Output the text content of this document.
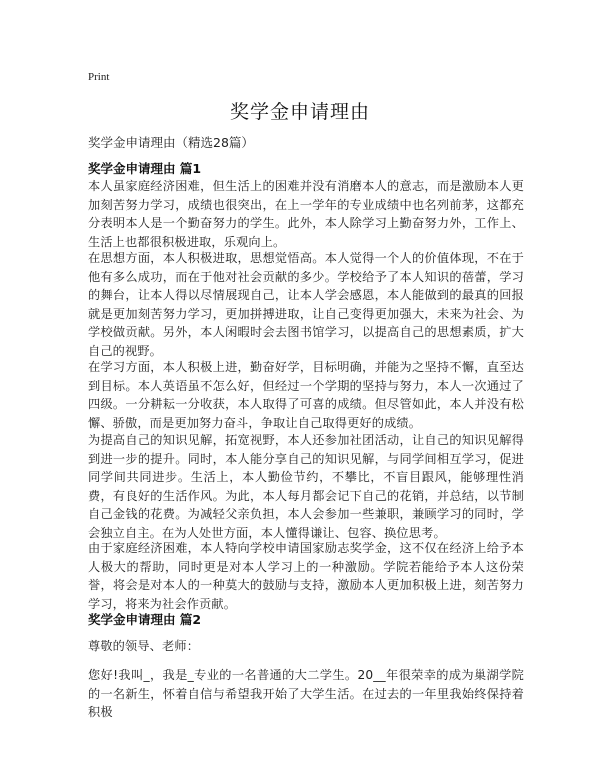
Print
奖学金申请理由
奖学金申请理由（精选28篇）
奖学金申请理由 篇1

本人虽家庭经济困难，但生活上的困难并没有消磨本人的意志，而是激励本人更加刻苦努力学习，成绩也很突出，在上一学年的专业成绩中也名列前茅，这都充分表明本人是一个勤奋努力的学生。此外，本人除学习上勤奋努力外，工作上、生活上也都很积极进取，乐观向上。

在思想方面，本人积极进取，思想觉悟高。本人觉得一个人的价值体现，不在于他有多么成功，而在于他对社会贡献的多少。学校给予了本人知识的蓓蕾，学习的舞台，让本人得以尽情展现自己，让本人学会感恩，本人能做到的最真的回报就是更加刻苦努力学习，更加拼搏进取，让自己变得更加强大，未来为社会、为学校做贡献。另外，本人闲暇时会去图书馆学习，以提高自己的思想素质，扩大自己的视野。

在学习方面，本人积极上进，勤奋好学，目标明确，并能为之坚持不懈，直至达到目标。本人英语虽不怎么好，但经过一个学期的坚持与努力，本人一次通过了四级。一分耕耘一分收获，本人取得了可喜的成绩。但尽管如此，本人并没有松懈、骄傲，而是更加努力奋斗，争取让自己取得更好的成绩。

为提高自己的知识见解，拓宽视野，本人还参加社团活动，让自己的知识见解得到进一步的提升。同时，本人能分享自己的知识见解，与同学间相互学习，促进同学间共同进步。生活上，本人勤俭节约，不攀比，不盲目跟风，能够理性消费，有良好的生活作风。为此，本人每月都会记下自己的花销，并总结，以节制自己金钱的花费。为减轻父亲负担，本人会参加一些兼职，兼顾学习的同时，学会独立自主。在为人处世方面，本人懂得谦让、包容、换位思考。

由于家庭经济困难，本人特向学校申请国家励志奖学金，这不仅在经济上给予本人极大的帮助，同时更是对本人学习上的一种激励。学院若能给予本人这份荣誉，将会是对本人的一种莫大的鼓励与支持，激励本人更加积极上进，刻苦努力学习，将来为社会作贡献。

奖学金申请理由 篇2

尊敬的领导、老师：

您好!我叫_，我是_专业的一名普通的大二学生。20__年很荣幸的成为巢湖学院的一名新生，怀着自信与希望我开始了大学生活。在过去的一年里我始终保持着积极
